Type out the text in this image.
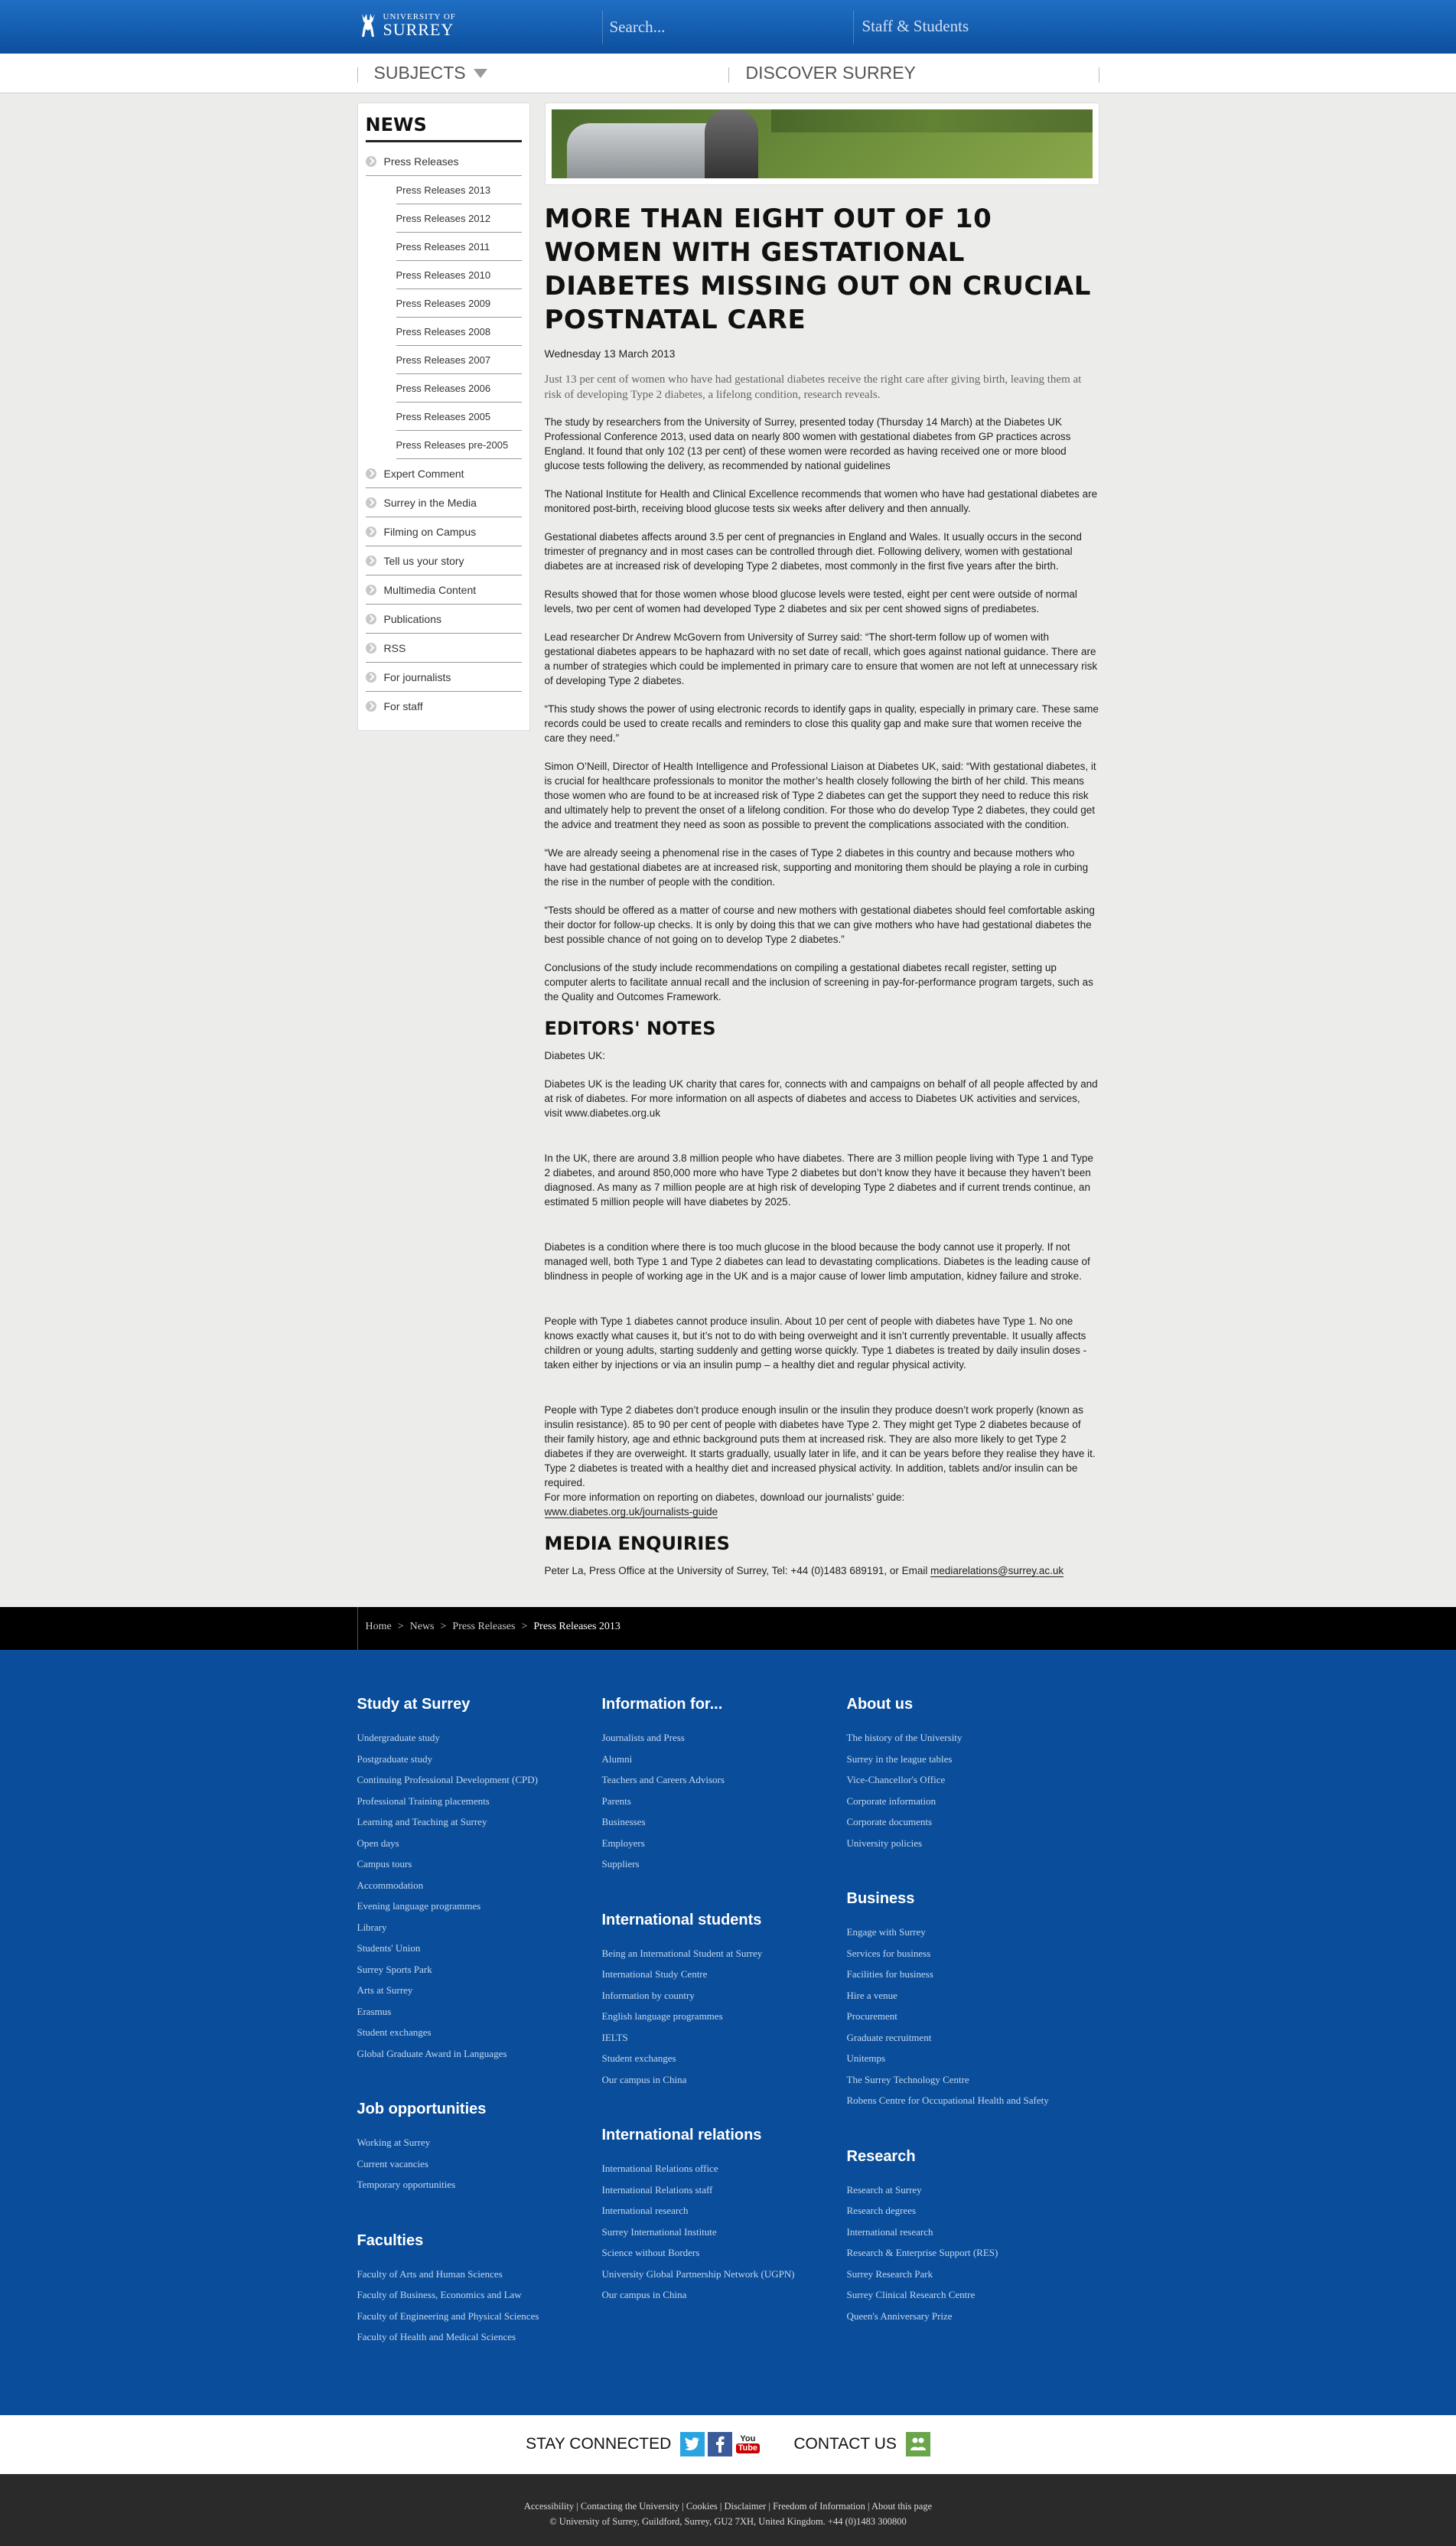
UNIVERSITY OF
SURREY
Search...	Staff & Students
SUBJECTS	DISCOVER SURREY
NEWS
Press Releases
Press Releases 2013
Press Releases 2012
Press Releases 2011
Press Releases 2010
Press Releases 2009
Press Releases 2008
Press Releases 2007
Press Releases 2006
Press Releases 2005
Press Releases pre-2005
Expert Comment
Surrey in the Media
Filming on Campus
Tell us your story
Multimedia Content
Publications
RSS
For journalists
For staff
MORE THAN EIGHT OUT OF 10 WOMEN WITH GESTATIONAL DIABETES MISSING OUT ON CRUCIAL POSTNATAL CARE
Wednesday 13 March 2013

Just 13 per cent of women who have had gestational diabetes receive the right care after giving birth, leaving them at risk of developing Type 2 diabetes, a lifelong condition, research reveals.

The study by researchers from the University of Surrey, presented today (Thursday 14 March) at the Diabetes UK Professional Conference 2013, used data on nearly 800 women with gestational diabetes from GP practices across England. It found that only 102 (13 per cent) of these women were recorded as having received one or more blood glucose tests following the delivery, as recommended by national guidelines

The National Institute for Health and Clinical Excellence recommends that women who have had gestational diabetes are monitored post-birth, receiving blood glucose tests six weeks after delivery and then annually.

Gestational diabetes affects around 3.5 per cent of pregnancies in England and Wales. It usually occurs in the second trimester of pregnancy and in most cases can be controlled through diet. Following delivery, women with gestational diabetes are at increased risk of developing Type 2 diabetes, most commonly in the first five years after the birth.

Results showed that for those women whose blood glucose levels were tested, eight per cent were outside of normal levels, two per cent of women had developed Type 2 diabetes and six per cent showed signs of prediabetes.

Lead researcher Dr Andrew McGovern from University of Surrey said: “The short-term follow up of women with gestational diabetes appears to be haphazard with no set date of recall, which goes against national guidance. There are a number of strategies which could be implemented in primary care to ensure that women are not left at unnecessary risk of developing Type 2 diabetes.

“This study shows the power of using electronic records to identify gaps in quality, especially in primary care. These same records could be used to create recalls and reminders to close this quality gap and make sure that women receive the care they need.”

Simon O’Neill, Director of Health Intelligence and Professional Liaison at Diabetes UK, said: “With gestational diabetes, it is crucial for healthcare professionals to monitor the mother’s health closely following the birth of her child. This means those women who are found to be at increased risk of Type 2 diabetes can get the support they need to reduce this risk and ultimately help to prevent the onset of a lifelong condition. For those who do develop Type 2 diabetes, they could get the advice and treatment they need as soon as possible to prevent the complications associated with the condition.

“We are already seeing a phenomenal rise in the cases of Type 2 diabetes in this country and because mothers who have had gestational diabetes are at increased risk, supporting and monitoring them should be playing a role in curbing the rise in the number of people with the condition.

“Tests should be offered as a matter of course and new mothers with gestational diabetes should feel comfortable asking their doctor for follow-up checks. It is only by doing this that we can give mothers who have had gestational diabetes the best possible chance of not going on to develop Type 2 diabetes.”

Conclusions of the study include recommendations on compiling a gestational diabetes recall register, setting up computer alerts to facilitate annual recall and the inclusion of screening in pay-for-performance program targets, such as the Quality and Outcomes Framework.

EDITORS' NOTES

Diabetes UK:

Diabetes UK is the leading UK charity that cares for, connects with and campaigns on behalf of all people affected by and at risk of diabetes. For more information on all aspects of diabetes and access to Diabetes UK activities and services, visit www.diabetes.org.uk

In the UK, there are around 3.8 million people who have diabetes. There are 3 million people living with Type 1 and Type 2 diabetes, and around 850,000 more who have Type 2 diabetes but don’t know they have it because they haven’t been diagnosed. As many as 7 million people are at high risk of developing Type 2 diabetes and if current trends continue, an estimated 5 million people will have diabetes by 2025.

Diabetes is a condition where there is too much glucose in the blood because the body cannot use it properly. If not managed well, both Type 1 and Type 2 diabetes can lead to devastating complications. Diabetes is the leading cause of blindness in people of working age in the UK and is a major cause of lower limb amputation, kidney failure and stroke.

People with Type 1 diabetes cannot produce insulin. About 10 per cent of people with diabetes have Type 1. No one knows exactly what causes it, but it’s not to do with being overweight and it isn’t currently preventable. It usually affects children or young adults, starting suddenly and getting worse quickly. Type 1 diabetes is treated by daily insulin doses - taken either by injections or via an insulin pump – a healthy diet and regular physical activity.

People with Type 2 diabetes don’t produce enough insulin or the insulin they produce doesn’t work properly (known as insulin resistance). 85 to 90 per cent of people with diabetes have Type 2. They might get Type 2 diabetes because of their family history, age and ethnic background puts them at increased risk. They are also more likely to get Type 2 diabetes if they are overweight. It starts gradually, usually later in life, and it can be years before they realise they have it. Type 2 diabetes is treated with a healthy diet and increased physical activity. In addition, tablets and/or insulin can be required.

For more information on reporting on diabetes, download our journalists’ guide:

www.diabetes.org.uk/journalists-guide

MEDIA ENQUIRIES

Peter La, Press Office at the University of Surrey, Tel: +44 (0)1483 689191, or Email mediarelations@surrey.ac.uk

Home > News > Press Releases > Press Releases 2013
Study at Surrey
Undergraduate study
Postgraduate study
Continuing Professional Development (CPD)
Professional Training placements
Learning and Teaching at Surrey
Open days
Campus tours
Accommodation
Evening language programmes
Library
Students' Union
Surrey Sports Park
Arts at Surrey
Erasmus
Student exchanges
Global Graduate Award in Languages
Job opportunities
Working at Surrey
Current vacancies
Temporary opportunities
Faculties
Faculty of Arts and Human Sciences
Faculty of Business, Economics and Law
Faculty of Engineering and Physical Sciences
Faculty of Health and Medical Sciences
Information for...
Journalists and Press
Alumni
Teachers and Careers Advisors
Parents
Businesses
Employers
Suppliers
International students
Being an International Student at Surrey
International Study Centre
Information by country
English language programmes
IELTS
Student exchanges
Our campus in China
International relations
International Relations office
International Relations staff
International research
Surrey International Institute
Science without Borders
University Global Partnership Network (UGPN)
Our campus in China
About us
The history of the University
Surrey in the league tables
Vice-Chancellor's Office
Corporate information
Corporate documents
University policies
Business
Engage with Surrey
Services for business
Facilities for business
Hire a venue
Procurement
Graduate recruitment
Unitemps
The Surrey Technology Centre
Robens Centre for Occupational Health and Safety
Research
Research at Surrey
Research degrees
International research
Research & Enterprise Support (RES)
Surrey Research Park
Surrey Clinical Research Centre
Queen's Anniversary Prize
STAY CONNECTED	You
Tube CONTACT US
Accessibility | Contacting the University | Cookies | Disclaimer | Freedom of Information | About this page
© University of Surrey, Guildford, Surrey, GU2 7XH, United Kingdom. +44 (0)1483 300800
